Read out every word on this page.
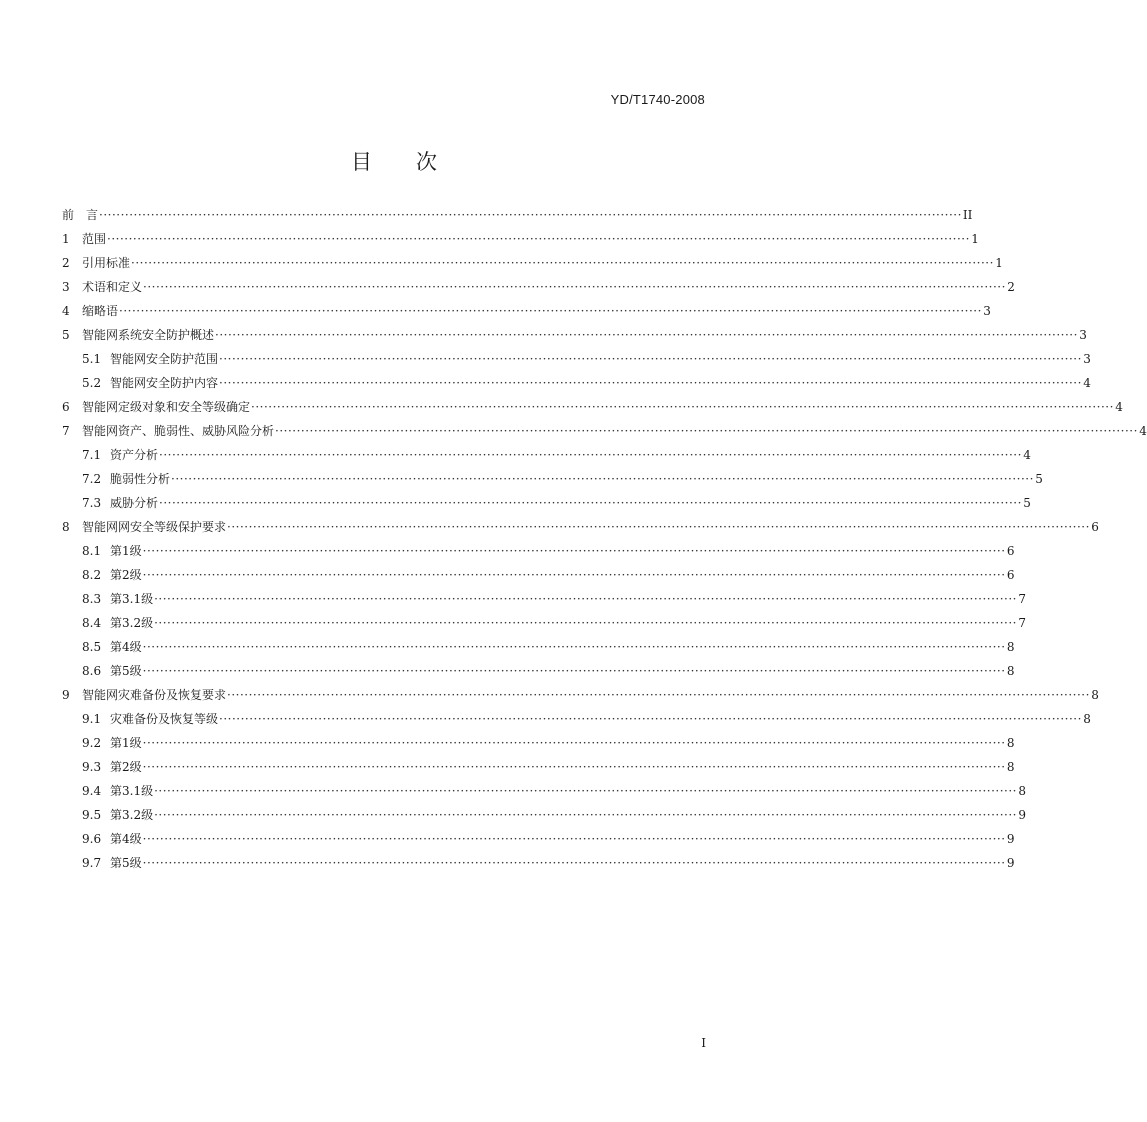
YD/T1740-2008
目 次
前　言 ········································································································································································································ II
1	范围 ········································································································································································································ 1
2	引用标准 ········································································································································································································ 1
3	术语和定义 ········································································································································································································ 2
4	缩略语 ········································································································································································································ 3
5	智能网系统安全防护概述 ········································································································································································································ 3
5.1 智能网安全防护范围 ········································································································································································································ 3
5.2 智能网安全防护内容 ········································································································································································································ 4
6	智能网定级对象和安全等级确定 ········································································································································································································ 4
7	智能网资产、脆弱性、威胁风险分析 ········································································································································································································ 4
7.1 资产分析 ········································································································································································································ 4
7.2 脆弱性分析 ········································································································································································································ 5
7.3 威胁分析 ········································································································································································································ 5
8	智能网网安全等级保护要求 ········································································································································································································ 6
8.1 第1级 ········································································································································································································ 6
8.2 第2级 ········································································································································································································ 6
8.3 第3.1级 ········································································································································································································ 7
8.4 第3.2级 ········································································································································································································ 7
8.5 第4级 ········································································································································································································ 8
8.6 第5级 ········································································································································································································ 8
9	智能网灾难备份及恢复要求 ········································································································································································································ 8
9.1 灾难备份及恢复等级 ········································································································································································································ 8
9.2 第1级 ········································································································································································································ 8
9.3 第2级 ········································································································································································································ 8
9.4 第3.1级 ········································································································································································································ 8
9.5 第3.2级 ········································································································································································································ 9
9.6 第4级 ········································································································································································································ 9
9.7 第5级 ········································································································································································································ 9
I
